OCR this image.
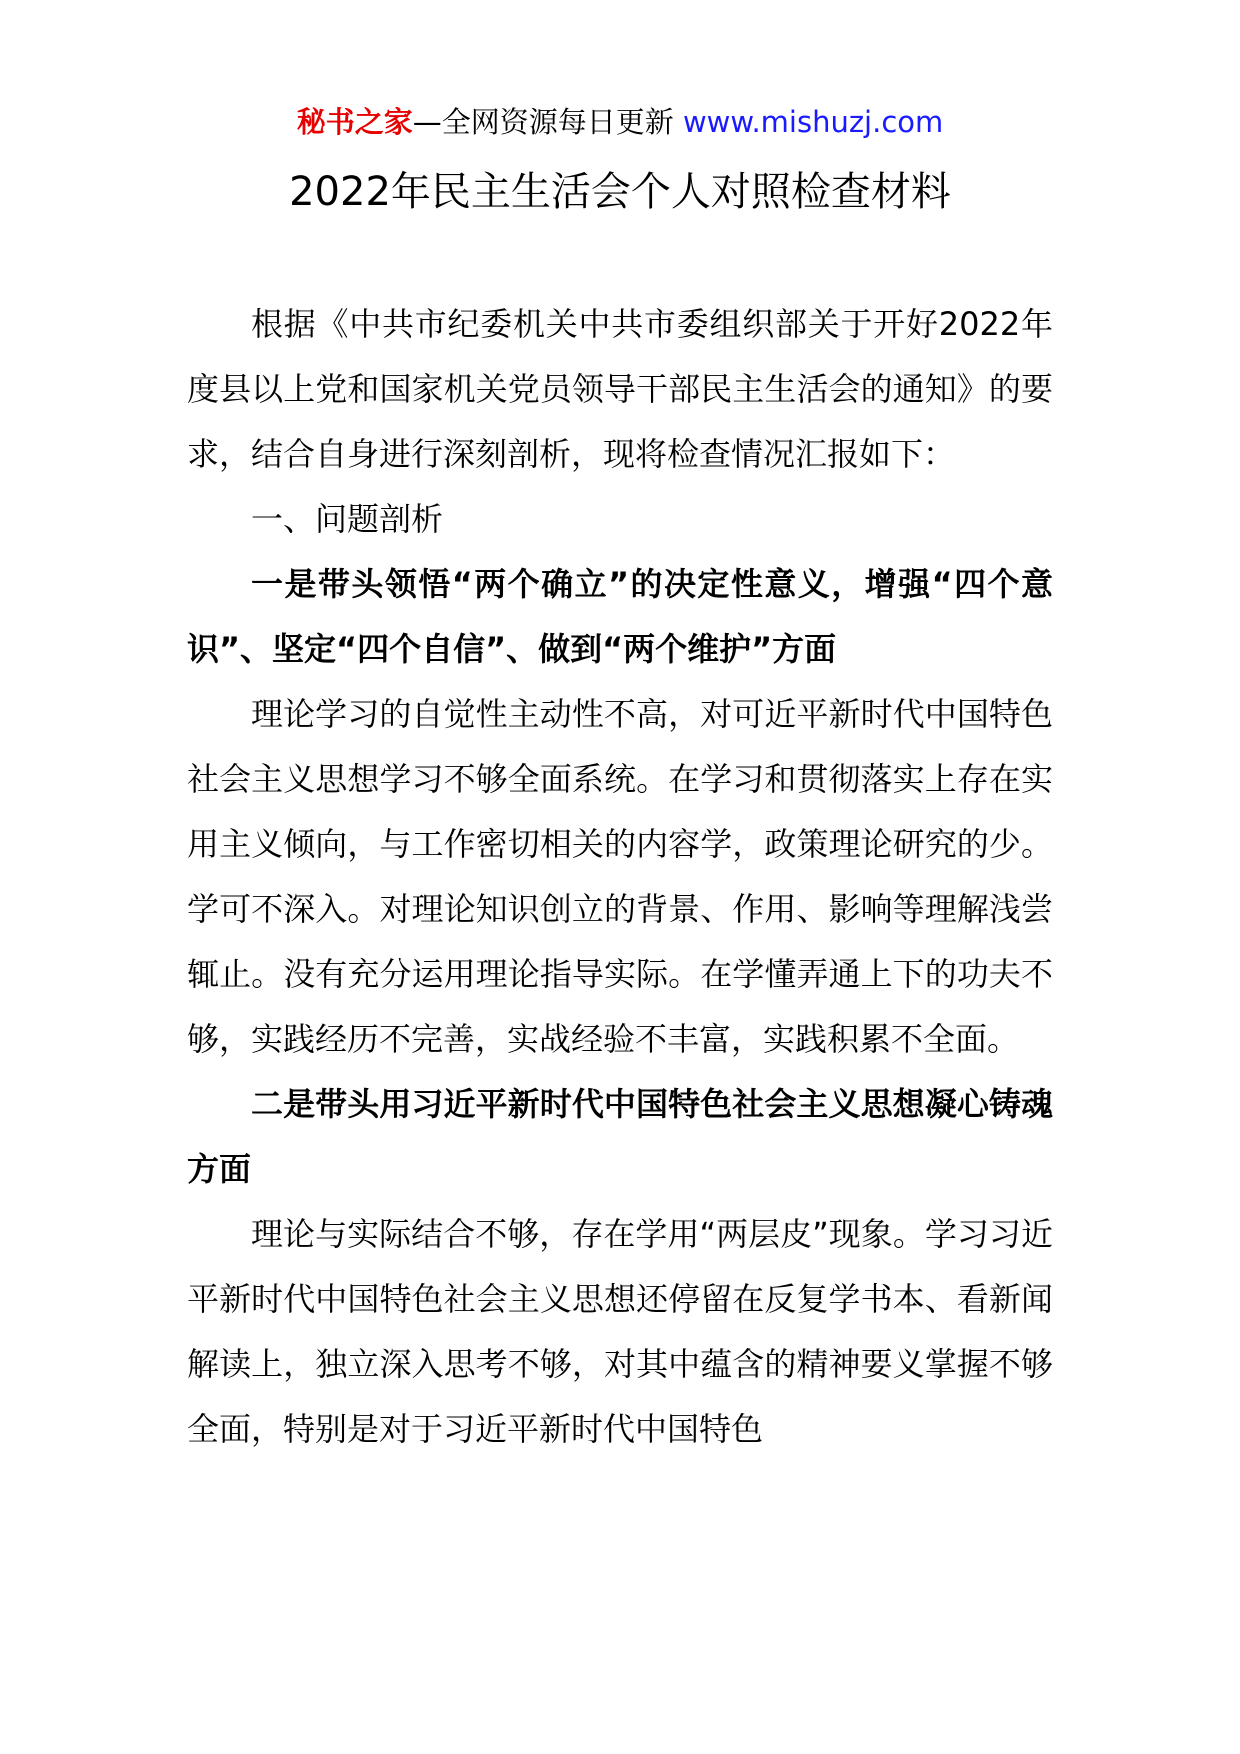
秘书之家—全网资源每日更新 www.mishuzj.com
2022年民主生活会个人对照检查材料

根据《中共市纪委机关中共市委组织部关于开好2022年度县以上党和国家机关党员领导干部民主生活会的通知》的要求，结合自身进行深刻剖析，现将检查情况汇报如下：

一、问题剖析

一是带头领悟“两个确立”的决定性意义，增强“四个意识”、坚定“四个自信”、做到“两个维护”方面

理论学习的自觉性主动性不高，对可近平新时代中国特色社会主义思想学习不够全面系统。在学习和贯彻落实上存在实用主义倾向，与工作密切相关的内容学，政策理论研究的少。学可不深入。对理论知识创立的背景、作用、影响等理解浅尝辄止。没有充分运用理论指导实际。在学懂弄通上下的功夫不够，实践经历不完善，实战经验不丰富，实践积累不全面。

二是带头用习近平新时代中国特色社会主义思想凝心铸魂方面

理论与实际结合不够，存在学用“两层皮”现象。学习习近平新时代中国特色社会主义思想还停留在反复学书本、看新闻解读上，独立深入思考不够，对其中蕴含的精神要义掌握不够全面，特别是对于习近平新时代中国特色
